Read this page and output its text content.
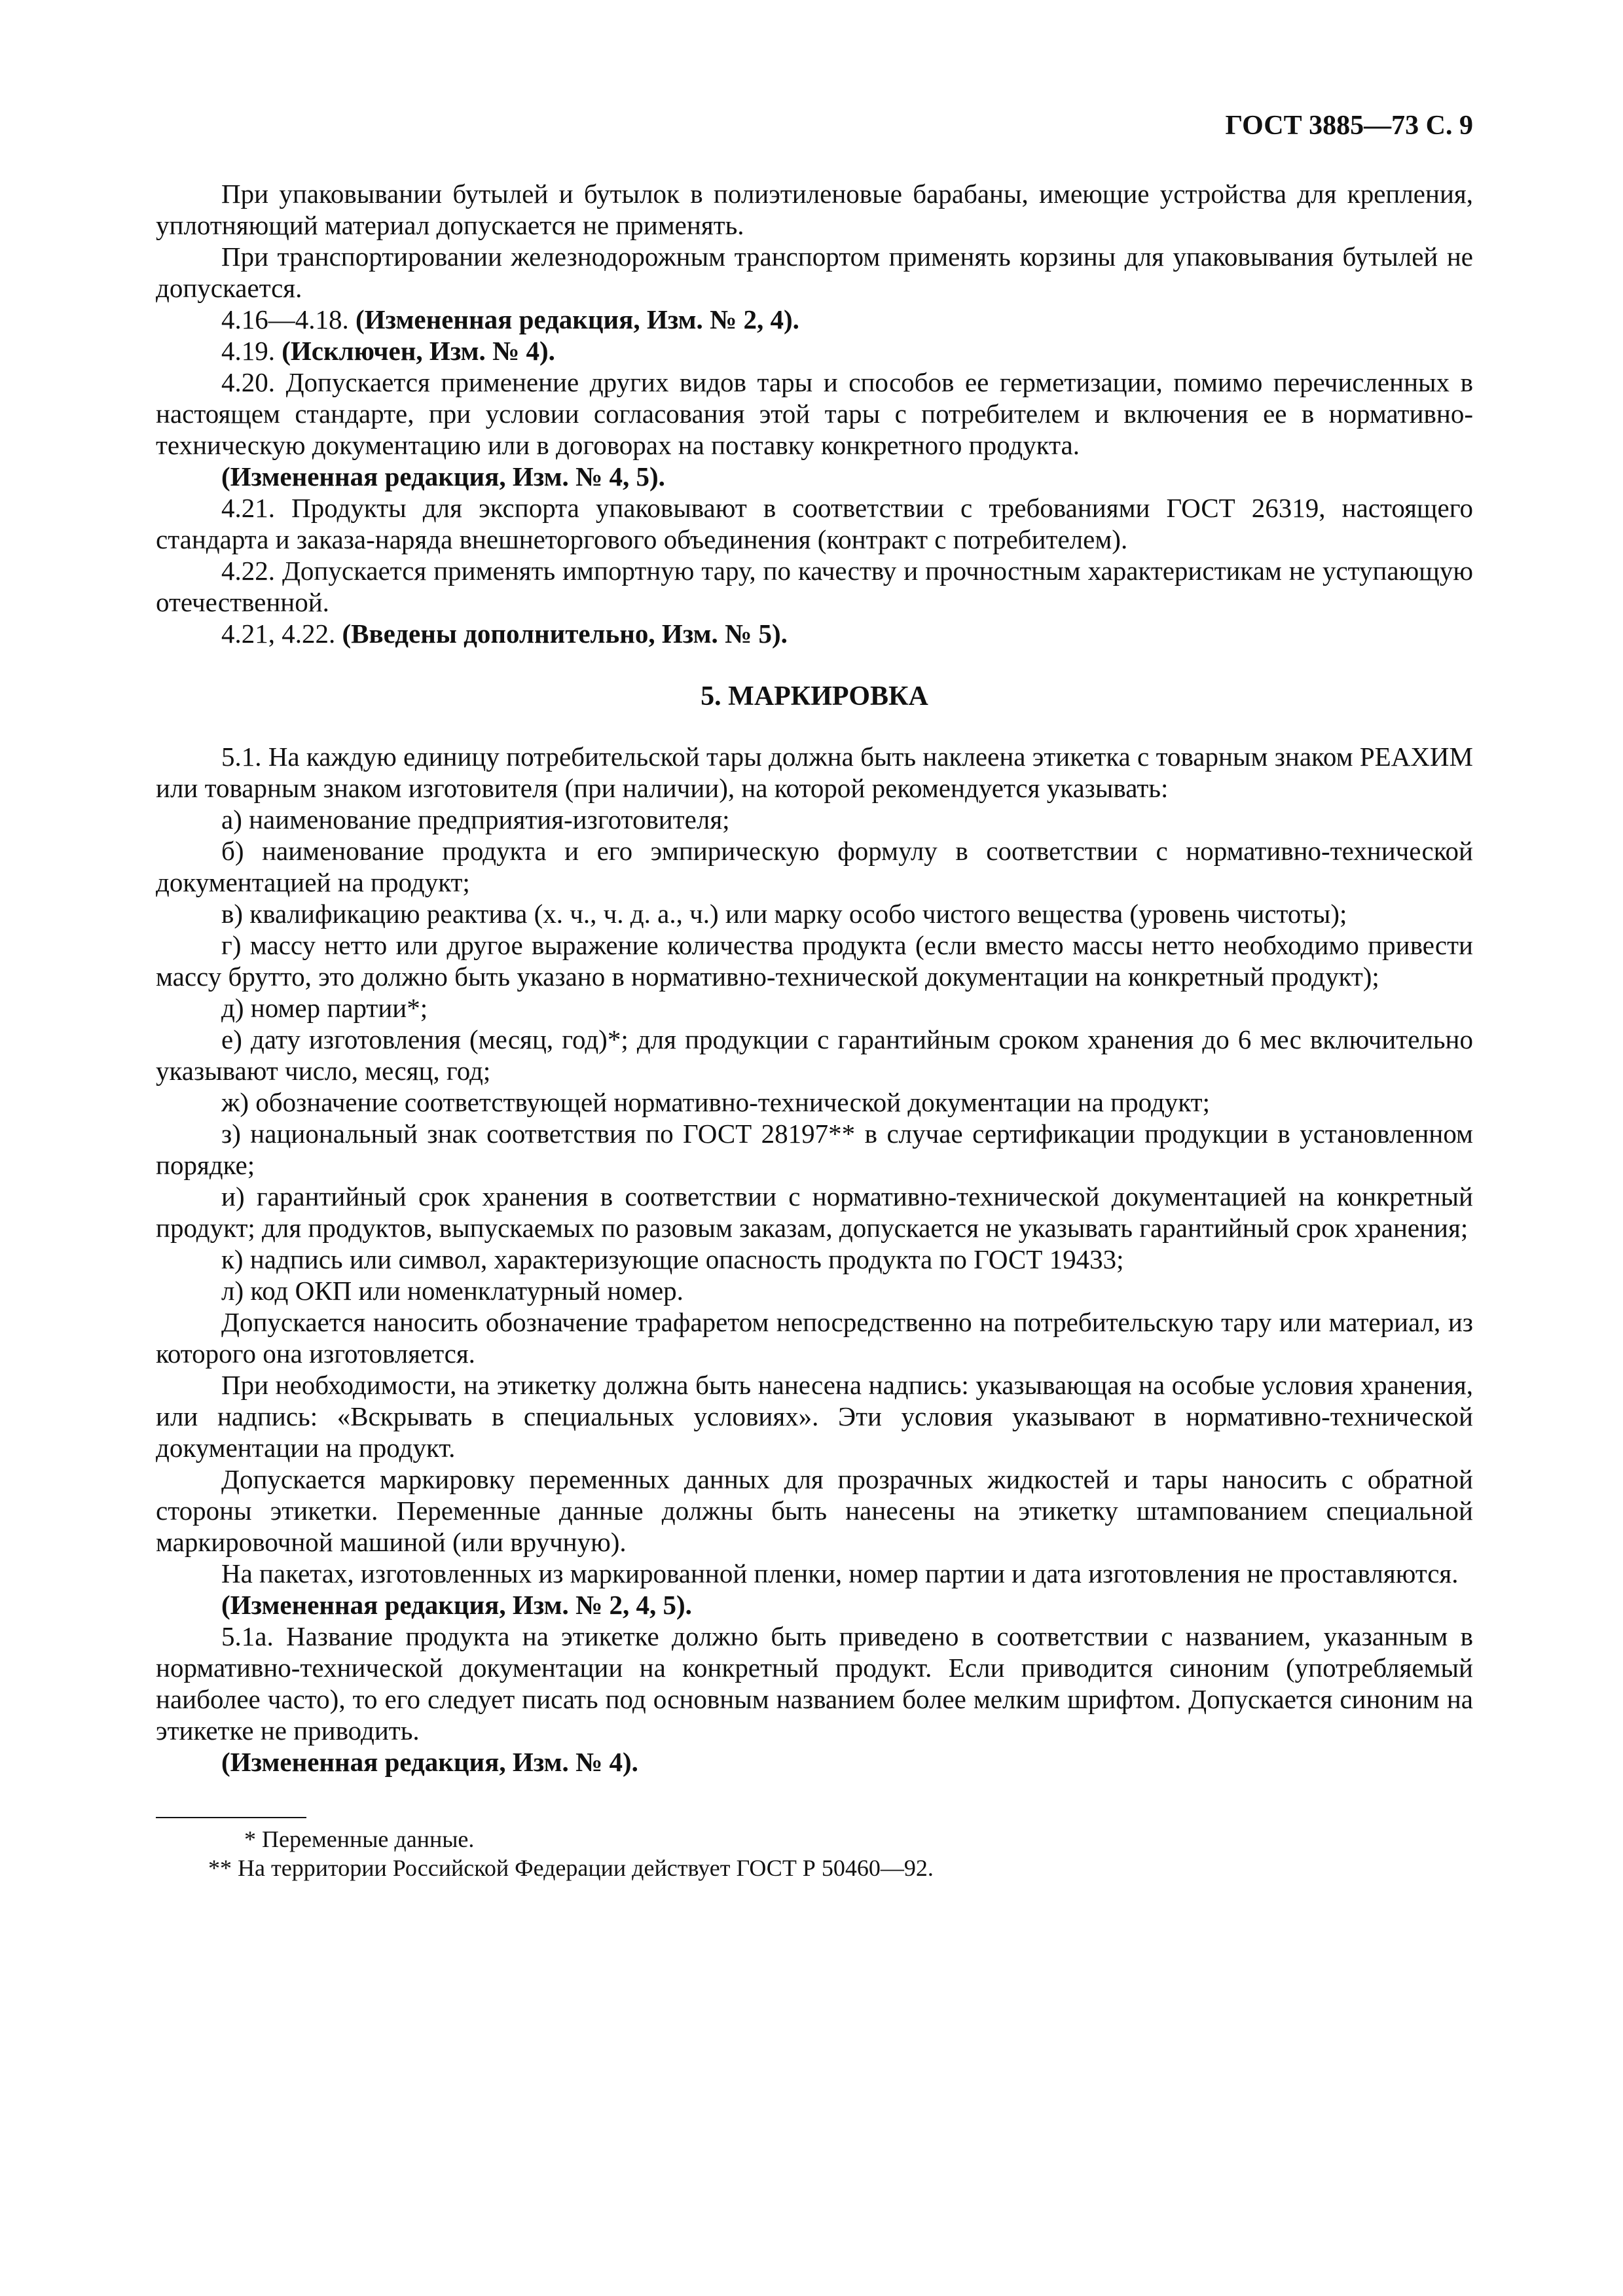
ГОСТ 3885—73 С. 9

При упаковывании бутылей и бутылок в полиэтиленовые барабаны, имеющие устройства для крепления, уплотняющий материал допускается не применять.

При транспортировании железнодорожным транспортом применять корзины для упаковывания бутылей не допускается.

4.16—4.18. (Измененная редакция, Изм. № 2, 4).

4.19. (Исключен, Изм. № 4).

4.20. Допускается применение других видов тары и способов ее герметизации, помимо перечисленных в настоящем стандарте, при условии согласования этой тары с потребителем и включения ее в нормативно-техническую документацию или в договорах на поставку конкретного продукта.

(Измененная редакция, Изм. № 4, 5).

4.21. Продукты для экспорта упаковывают в соответствии с требованиями ГОСТ 26319, настоящего стандарта и заказа-наряда внешнеторгового объединения (контракт с потребителем).

4.22. Допускается применять импортную тару, по качеству и прочностным характеристикам не уступающую отечественной.

4.21, 4.22. (Введены дополнительно, Изм. № 5).

5. МАРКИРОВКА

5.1. На каждую единицу потребительской тары должна быть наклеена этикетка с товарным знаком РЕАХИМ или товарным знаком изготовителя (при наличии), на которой рекомендуется указывать:

а) наименование предприятия-изготовителя;

б) наименование продукта и его эмпирическую формулу в соответствии с нормативно-технической документацией на продукт;

в) квалификацию реактива (х. ч., ч. д. а., ч.) или марку особо чистого вещества (уровень чистоты);

г) массу нетто или другое выражение количества продукта (если вместо массы нетто необходимо привести массу брутто, это должно быть указано в нормативно-технической документации на конкретный продукт);

д) номер партии*;

е) дату изготовления (месяц, год)*; для продукции с гарантийным сроком хранения до 6 мес включительно указывают число, месяц, год;

ж) обозначение соответствующей нормативно-технической документации на продукт;

з) национальный знак соответствия по ГОСТ 28197** в случае сертификации продукции в установленном порядке;

и) гарантийный срок хранения в соответствии с нормативно-технической документацией на конкретный продукт; для продуктов, выпускаемых по разовым заказам, допускается не указывать гарантийный срок хранения;

к) надпись или символ, характеризующие опасность продукта по ГОСТ 19433;

л) код ОКП или номенклатурный номер.

Допускается наносить обозначение трафаретом непосредственно на потребительскую тару или материал, из которого она изготовляется.

При необходимости, на этикетку должна быть нанесена надпись: указывающая на особые условия хранения, или надпись: «Вскрывать в специальных условиях». Эти условия указывают в нормативно-технической документации на продукт.

Допускается маркировку переменных данных для прозрачных жидкостей и тары наносить с обратной стороны этикетки. Переменные данные должны быть нанесены на этикетку штампованием специальной маркировочной машиной (или вручную).

На пакетах, изготовленных из маркированной пленки, номер партии и дата изготовления не проставляются.

(Измененная редакция, Изм. № 2, 4, 5).

5.1а. Название продукта на этикетке должно быть приведено в соответствии с названием, указанным в нормативно-технической документации на конкретный продукт. Если приводится синоним (употребляемый наиболее часто), то его следует писать под основным названием более мелким шрифтом. Допускается синоним на этикетке не приводить.

(Измененная редакция, Изм. № 4).

* Переменные данные.

** На территории Российской Федерации действует ГОСТ Р 50460—92.
